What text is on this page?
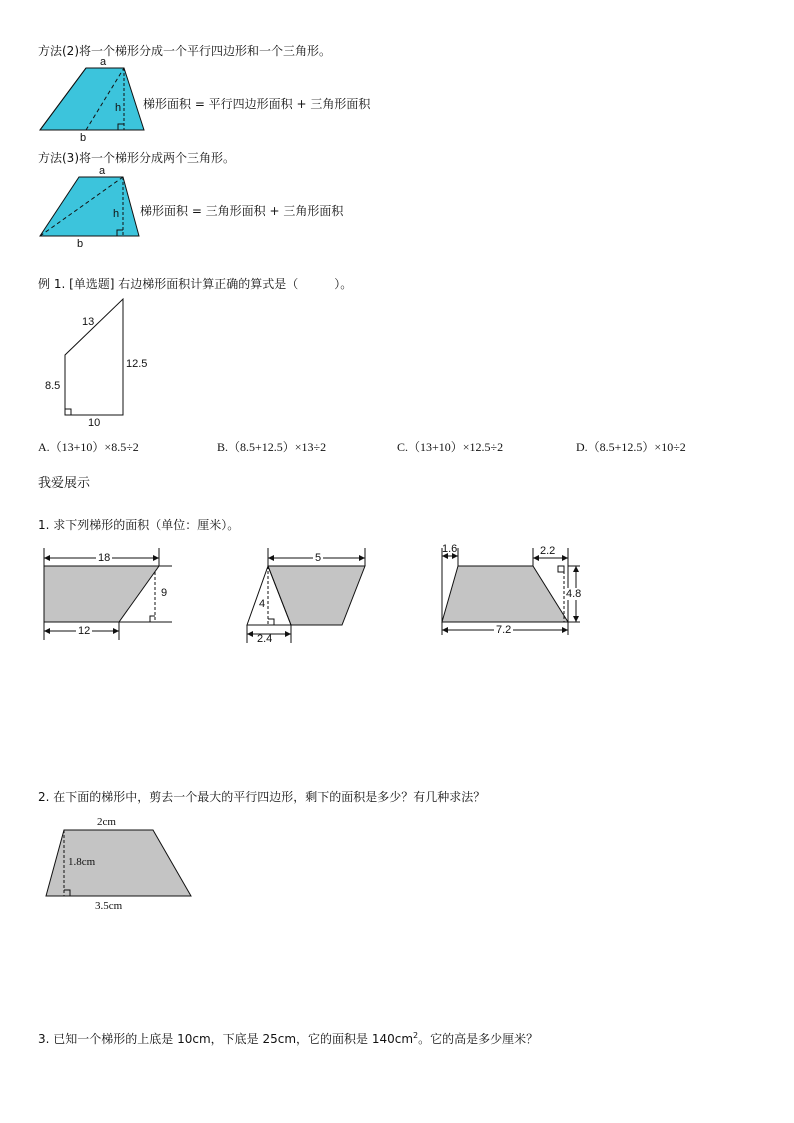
方法(2)将一个梯形分成一个平行四边形和一个三角形。
a
h
b
梯形面积 = 平行四边形面积 + 三角形面积
方法(3)将一个梯形分成两个三角形。
a
h
b
梯形面积 = 三角形面积 + 三角形面积
例 1. [单选题] 右边梯形面积计算正确的算式是（　　　）。
13
12.5
8.5
10
A.（13+10）×8.5÷2	B.（8.5+12.5）×13÷2	C.（13+10）×12.5÷2	D.（8.5+12.5）×10÷2
我爱展示
1. 求下列梯形的面积（单位：厘米）。
18
12
9
5
4
2.4
1.6	2.2
4.8
7.2
2. 在下面的梯形中，剪去一个最大的平行四边形，剩下的面积是多少？有几种求法？
2cm
1.8cm
3.5cm
3. 已知一个梯形的上底是 10cm，下底是 25cm，它的面积是 $140cm^2$。它的高是多少厘米？
